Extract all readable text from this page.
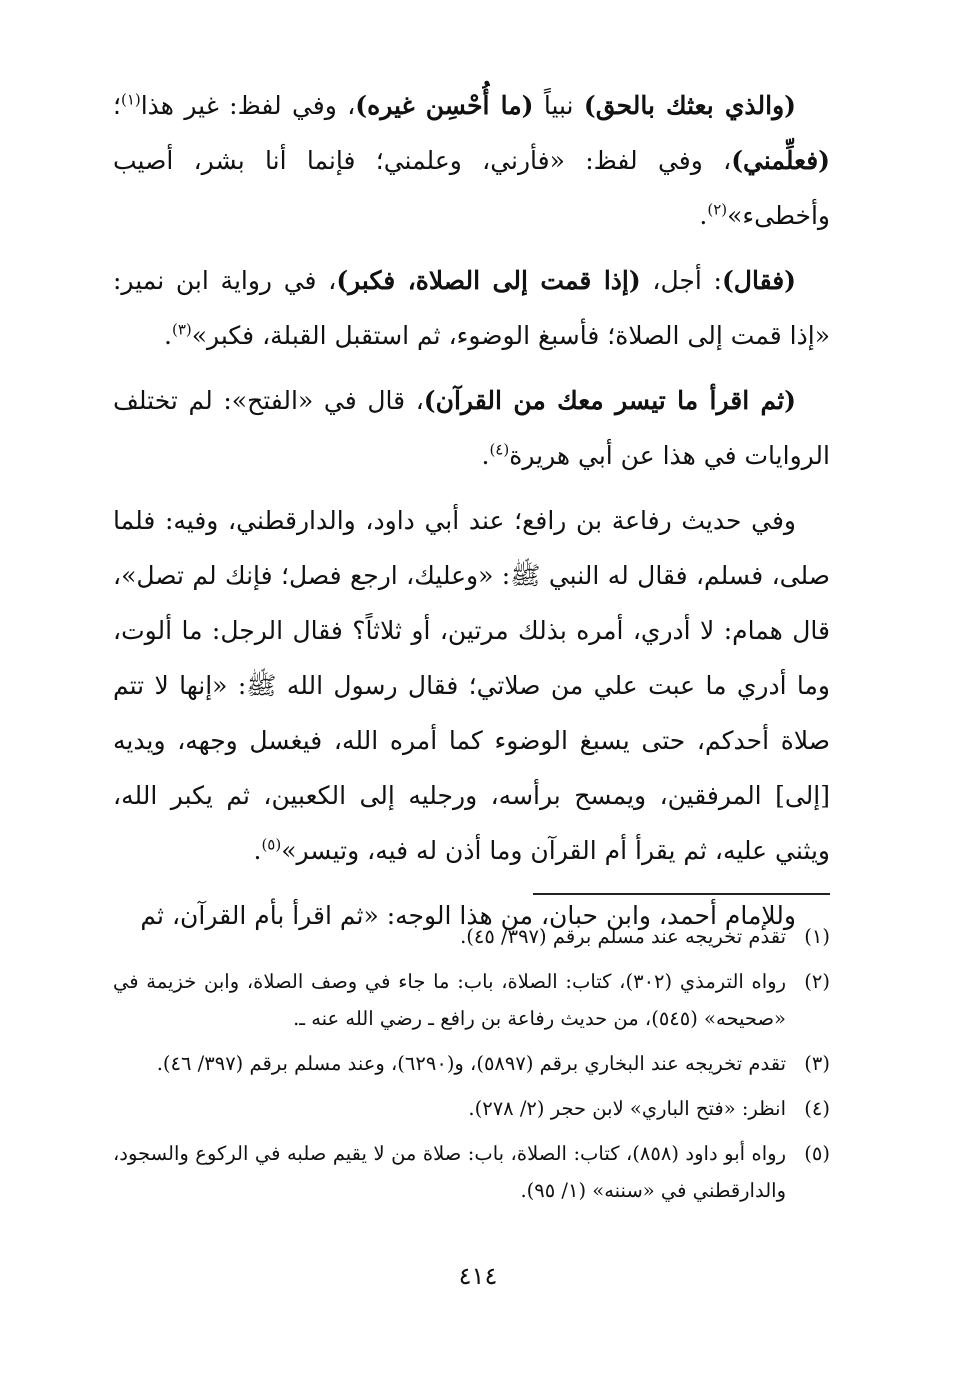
(والذي بعثك بالحق) نبياً (ما أُحْسِن غيره)، وفي لفظ: غير هذا$^{(١)}$؛ (فعلِّمني)، وفي لفظ: «فأرني، وعلمني؛ فإنما أنا بشر، أصيب وأخطىء»$^{(٢)}$.

(فقال): أجل، (إذا قمت إلى الصلاة، فكبر)، في رواية ابن نمير: «إذا قمت إلى الصلاة؛ فأسبغ الوضوء، ثم استقبل القبلة، فكبر»$^{(٣)}$.

(ثم اقرأ ما تيسر معك من القرآن)، قال في «الفتح»: لم تختلف الروايات في هذا عن أبي هريرة$^{(٤)}$.

وفي حديث رفاعة بن رافع؛ عند أبي داود، والدارقطني، وفيه: فلما صلى، فسلم، فقال له النبي ﷺ: «وعليك، ارجع فصل؛ فإنك لم تصل»، قال همام: لا أدري، أمره بذلك مرتين، أو ثلاثاً؟ فقال الرجل: ما ألوت، وما أدري ما عبت علي من صلاتي؛ فقال رسول الله ﷺ: «إنها لا تتم صلاة أحدكم، حتى يسبغ الوضوء كما أمره الله، فيغسل وجهه، ويديه [إلى] المرفقين، ويمسح برأسه، ورجليه إلى الكعبين، ثم يكبر الله، ويثني عليه، ثم يقرأ أم القرآن وما أذن له فيه، وتيسر»$^{(٥)}$.

وللإمام أحمد، وابن حبان، من هذا الوجه: «ثم اقرأ بأم القرآن، ثم

(١)
تقدم تخريجه عند مسلم برقم (٣٩٧/ ٤٥).
(٢)
رواه الترمذي (٣٠٢)، كتاب: الصلاة، باب: ما جاء في وصف الصلاة، وابن خزيمة في «صحيحه» (٥٤٥)، من حديث رفاعة بن رافع ـ رضي الله عنه ـ.
(٣)
تقدم تخريجه عند البخاري برقم (٥٨٩٧)، و(٦٢٩٠)، وعند مسلم برقم (٣٩٧/ ٤٦).
(٤)
انظر: «فتح الباري» لابن حجر (٢/ ٢٧٨).
(٥)
رواه أبو داود (٨٥٨)، كتاب: الصلاة، باب: صلاة من لا يقيم صلبه في الركوع والسجود، والدارقطني في «سننه» (١/ ٩٥).
٤١٤
